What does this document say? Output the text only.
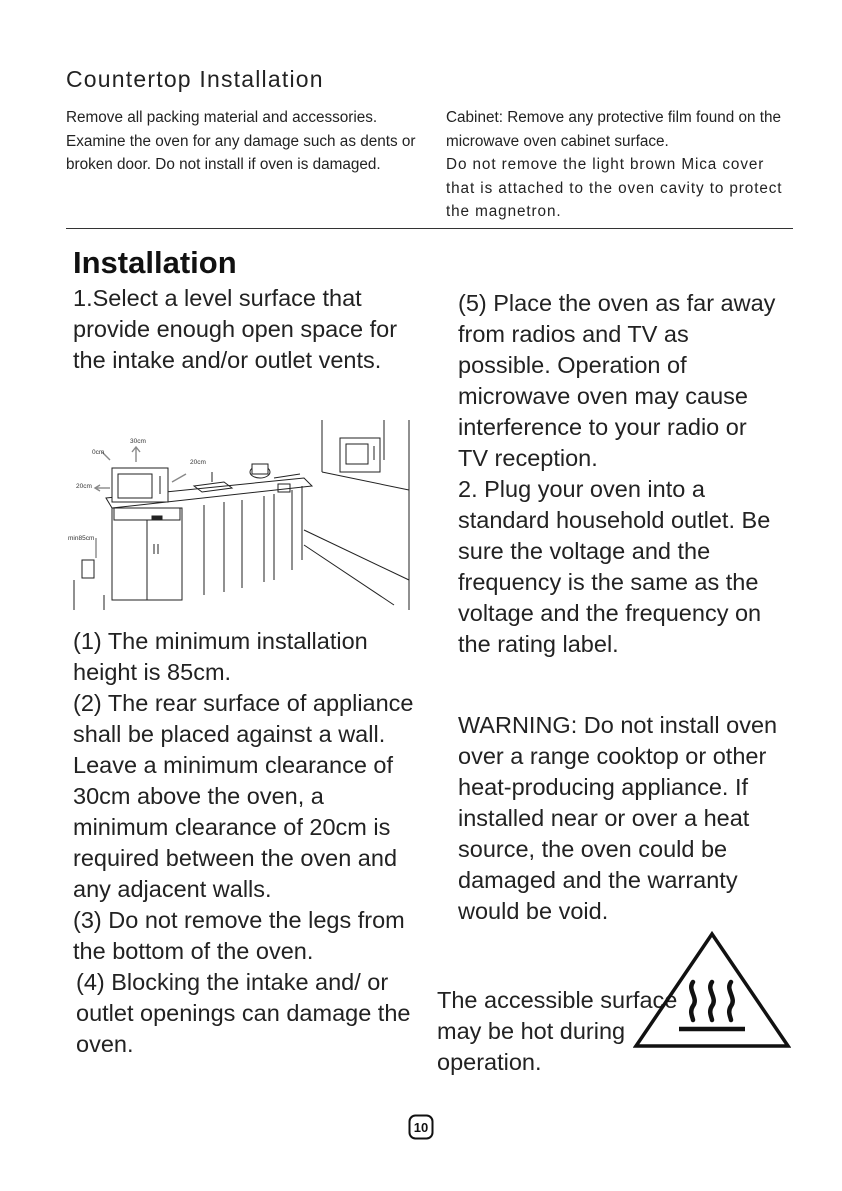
Countertop Installation
Remove all packing material and accessories. Examine the oven for any damage such as dents or broken door. Do not install if oven is damaged.
Cabinet: Remove any protective film found on the microwave oven cabinet surface.
Do not remove the light brown Mica cover that is attached to the oven cavity to protect the magnetron.
Installation
1.Select a level surface that provide enough open space for the intake and/or outlet vents.
30cm
0cm
20cm
20cm
min85cm
(1) The minimum installation height is 85cm.
(2) The rear surface of appliance shall be placed against a wall.
Leave a minimum clearance of 30cm above the oven, a minimum clearance of 20cm is required between the oven and any adjacent walls.
(3) Do not remove the legs from the bottom of the oven.
(4) Blocking the intake and/ or outlet openings can damage the oven.
(5) Place the oven as far away from radios and TV as possible. Operation of microwave oven may cause interference to your radio or TV reception.
2. Plug your oven into a standard household outlet. Be sure the voltage and the frequency is the same as the voltage and the frequency on the rating label.
WARNING: Do not install oven over a range cooktop or other heat-producing appliance. If installed near or over a heat source, the oven could be damaged and the warranty would be void.
The accessible surface may be hot during operation.
10
